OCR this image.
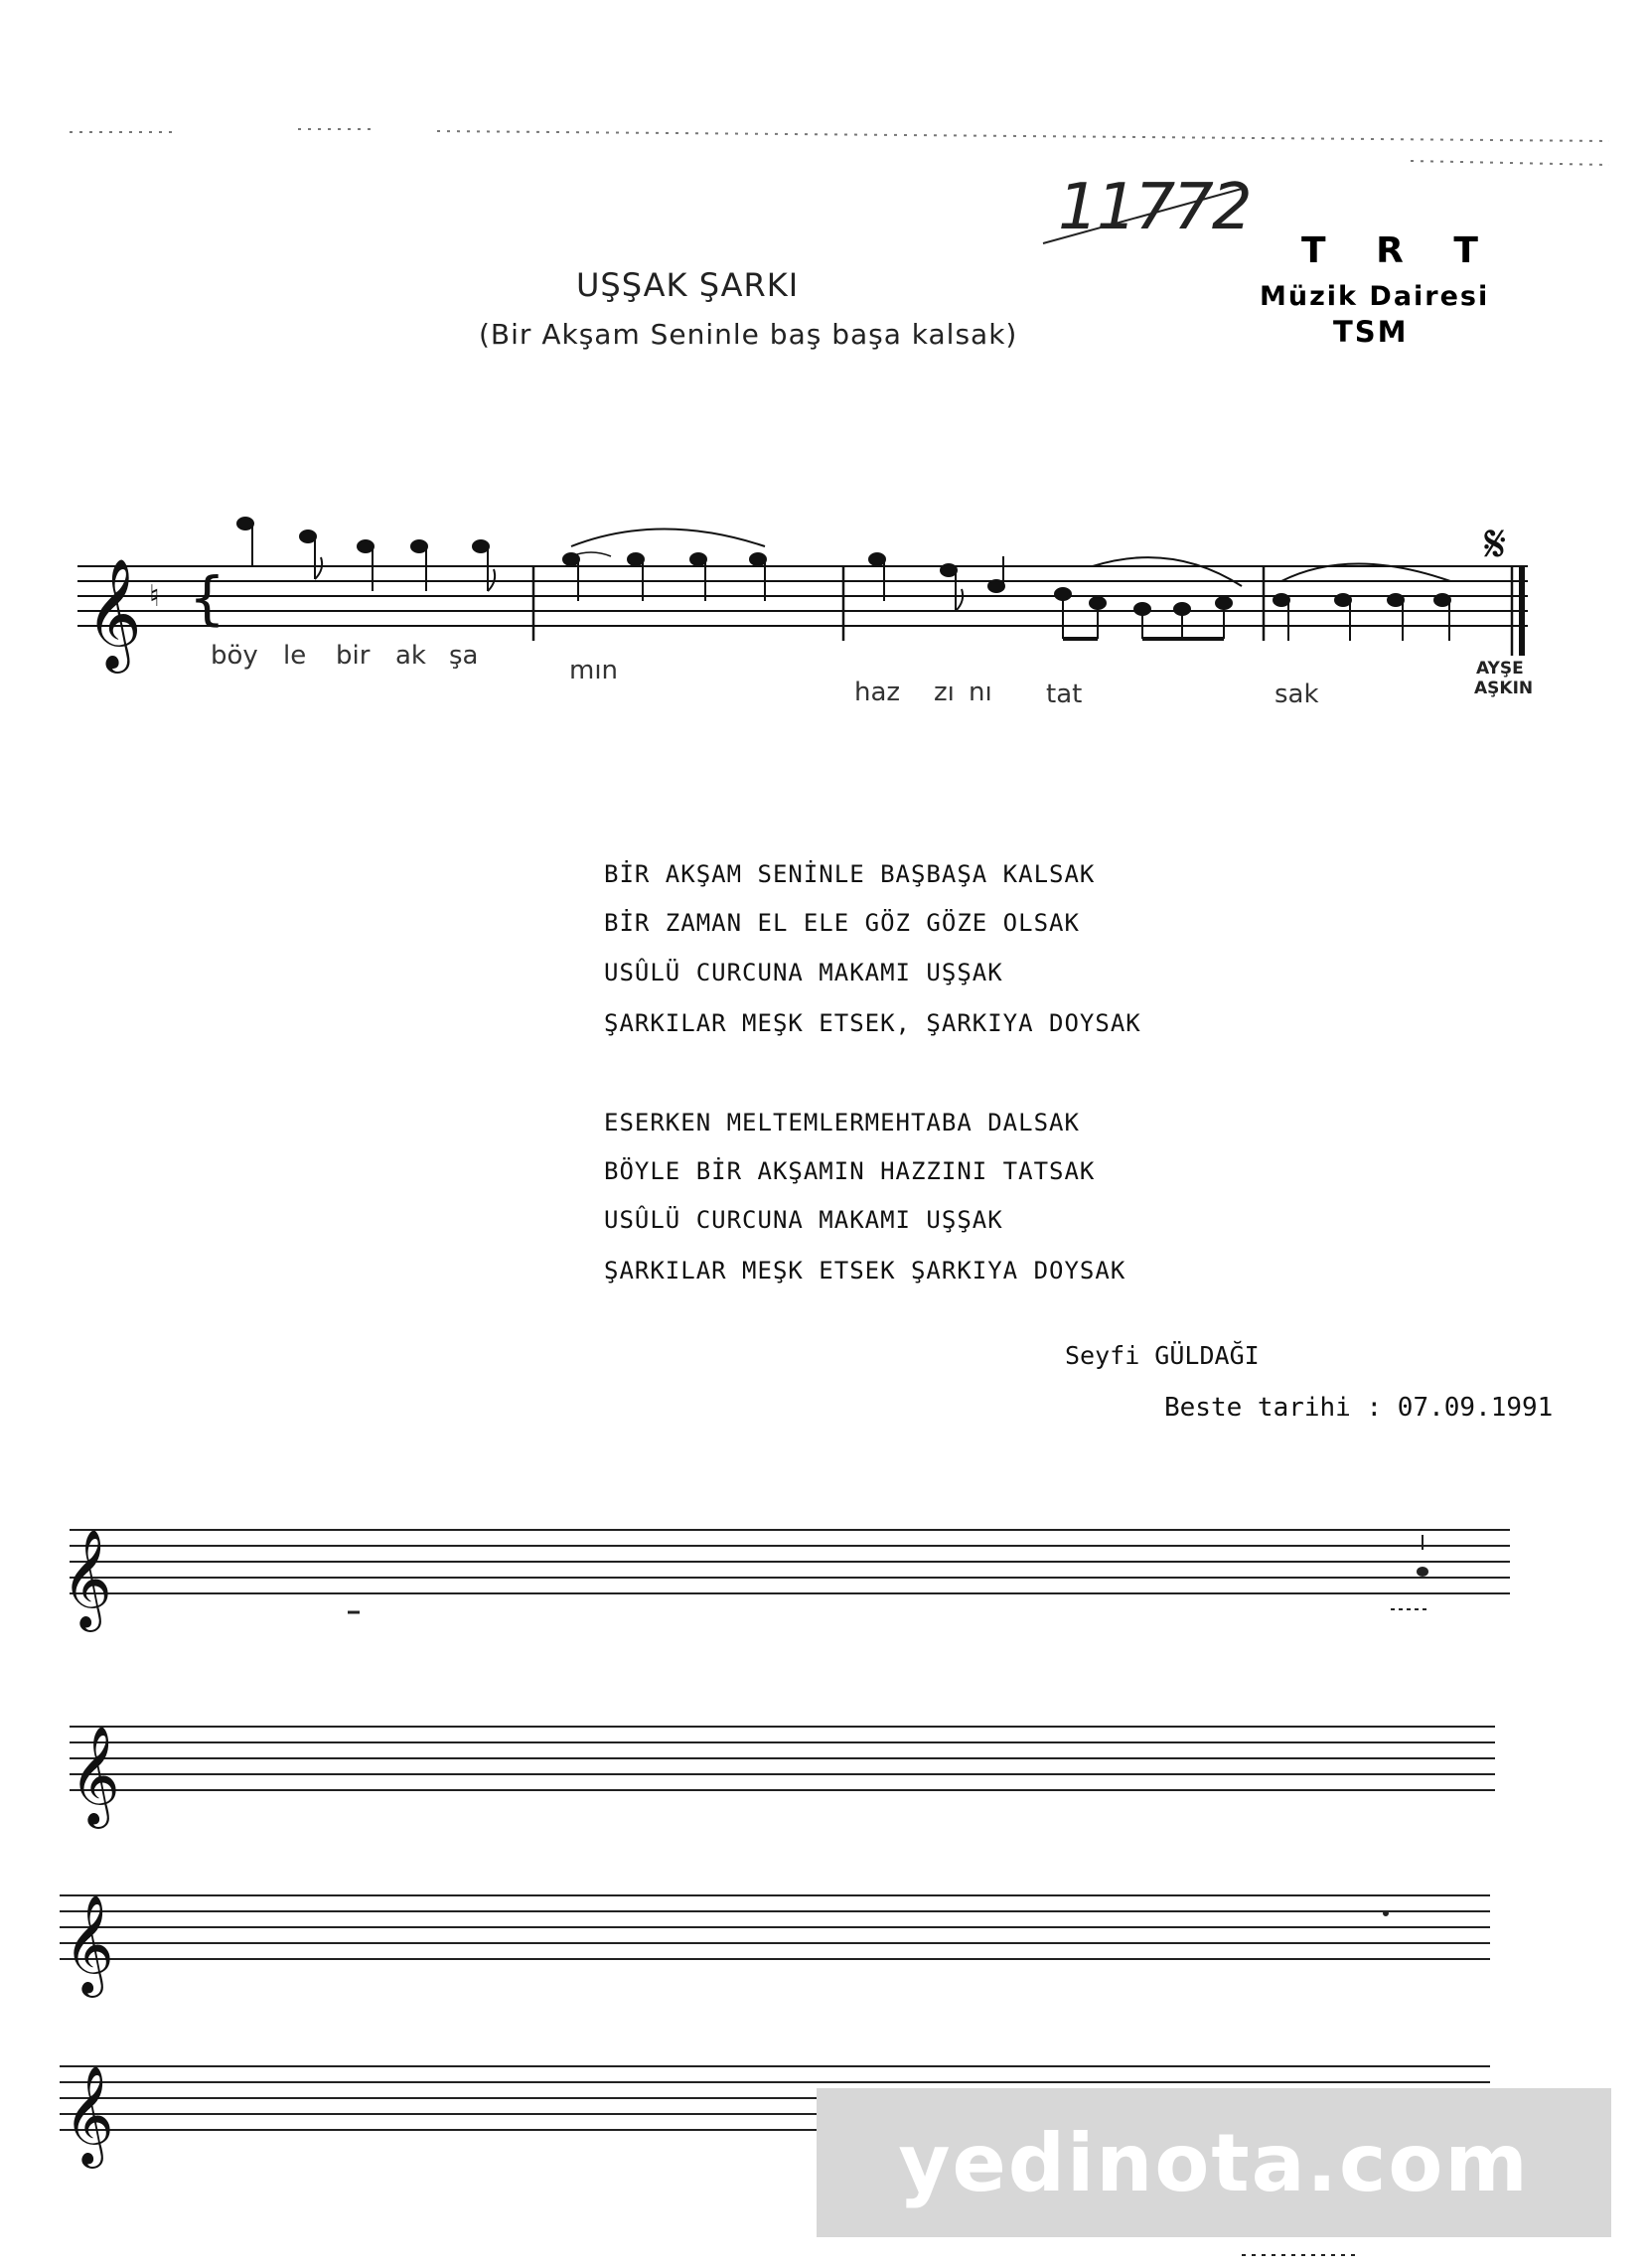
11772
UŞŞAK ŞARKI
(Bir Akşam Seninle baş başa kalsak)
T R T
Müzik Dairesi
TSM
𝄞 ♮ {
𝄋
𝄞
𝄞
𝄞
𝄞
böy le bir ak şa	mın
haz zı nı tat	sak
AYŞE
AŞKIN
BİR AKŞAM SENİNLE BAŞBAŞA KALSAK
BİR ZAMAN EL ELE GÖZ GÖZE OLSAK
USÛLÜ CURCUNA MAKAMI UŞŞAK
ŞARKILAR MEŞK ETSEK, ŞARKIYA DOYSAK
ESERKEN MELTEMLERMEHTABA DALSAK
BÖYLE BİR AKŞAMIN HAZZINI TATSAK
USÛLÜ CURCUNA MAKAMI UŞŞAK
ŞARKILAR MEŞK ETSEK ŞARKIYA DOYSAK
Seyfi GÜLDAĞI
Beste tarihi : 07.09.1991
yedinota.com
